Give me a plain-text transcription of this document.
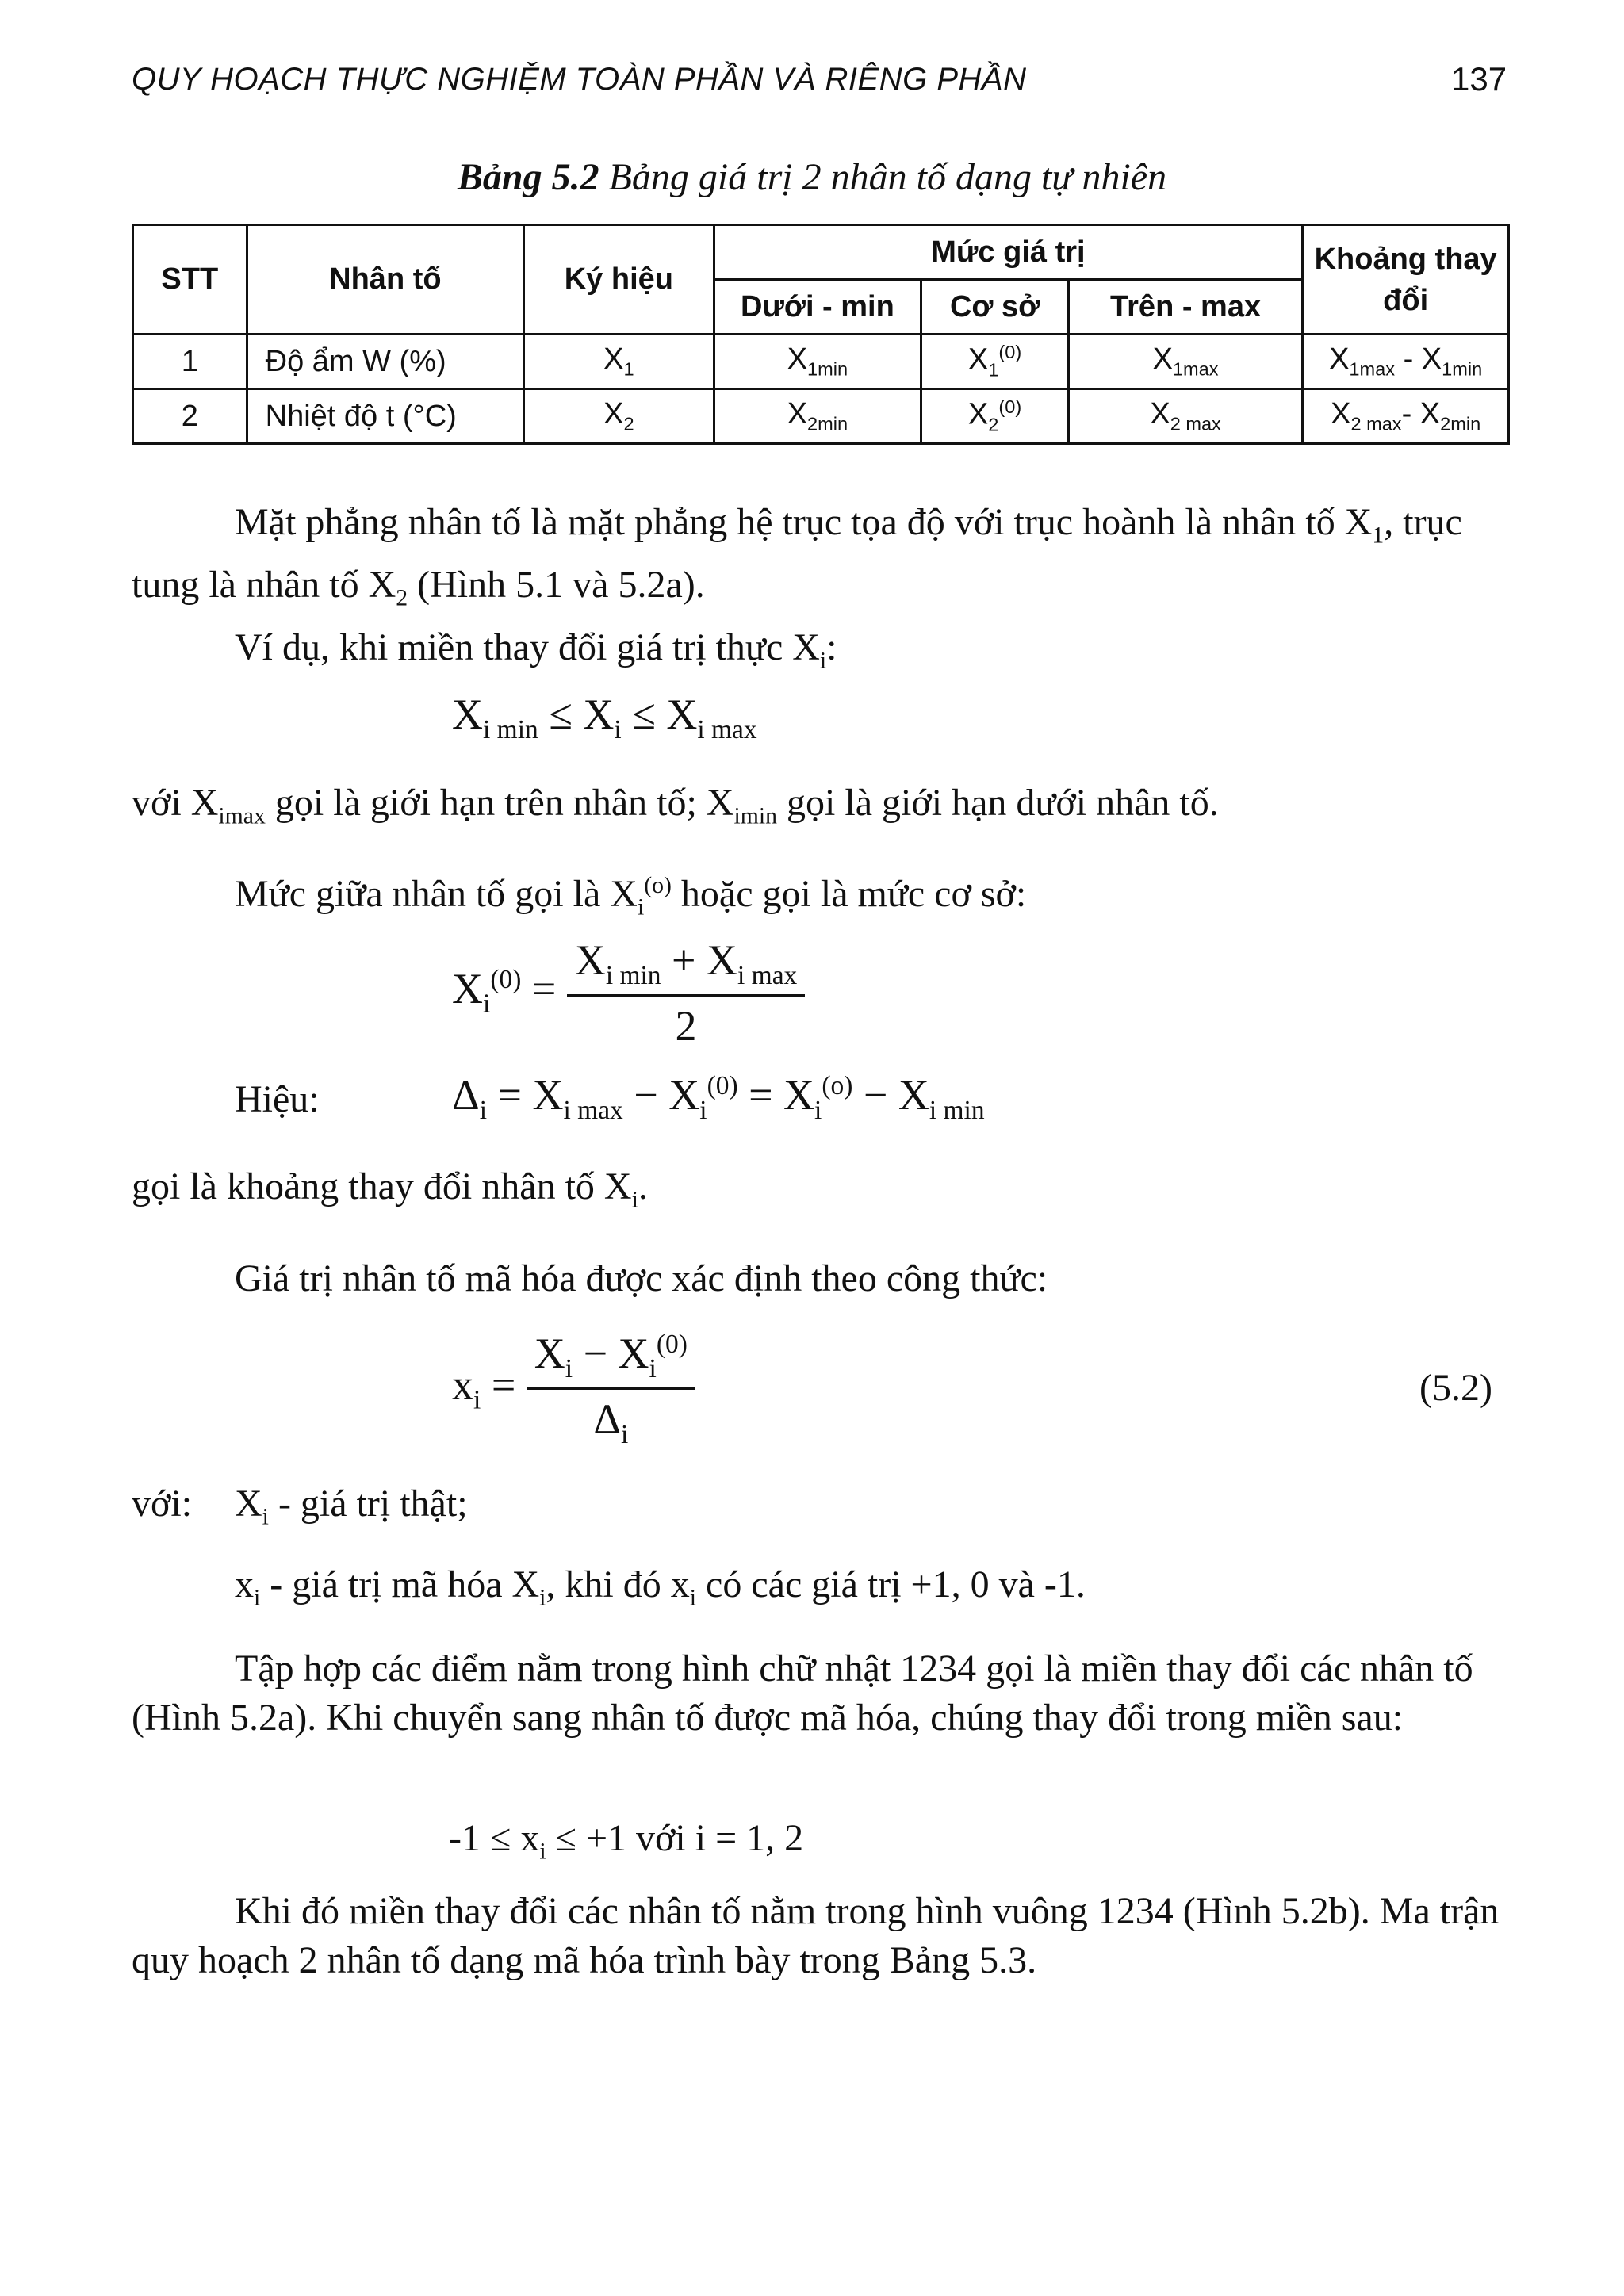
QUY HOẠCH THỰC NGHIỆM TOÀN PHẦN VÀ RIÊNG PHẦN	137
Bảng 5.2 Bảng giá trị 2 nhân tố dạng tự nhiên
STT	Nhân tố	Ký hiệu	Mức giá trị			Khoảng thay đổi
			Dưới - min	Cơ sở	Trên - max	
1	Độ ẩm W (%)	$X_1$	$X_{1min}$	$X_1^{(0)}$	$X_{1max}$	$X_{1max} - X_{1min}$
2	Nhiệt độ t (°C)	$X_2$	$X_{2min}$	$X_2^{(0)}$	$X_{2 max}$	$X_{2 max}-$ $X_{2min}$
Mặt phẳng nhân tố là mặt phẳng hệ trục tọa độ với trục hoành là nhân tố $X_1$, trục tung là nhân tố $X_2$ (Hình 5.1 và 5.2a).
Ví dụ, khi miền thay đổi giá trị thực $X_i$:
$X_{i min} \le X_i \le X_{i max}$
với $X_{imax}$ gọi là giới hạn trên nhân tố; $X_{imin}$ gọi là giới hạn dưới nhân tố.
Mức giữa nhân tố gọi là $X_i^{(o)}$ hoặc gọi là mức cơ sở:
$X_i^{(0)} = \frac{X_{i min} + X_{i max}}{2}$
Hiệu:	$\Delta_i = X_{i max} - X_i^{(0)} = X_i^{(o)} - X_{i min}$
gọi là khoảng thay đổi nhân tố $X_i$.
Giá trị nhân tố mã hóa được xác định theo công thức:
$x_i = \frac{X_i - X_i^{(0)}}{\Delta_i}$	(5.2)
với: $X_i$ - giá trị thật;
$x_i$ - giá trị mã hóa $X_i$, khi đó $x_i$ có các giá trị +1, 0 và -1.
Tập hợp các điểm nằm trong hình chữ nhật 1234 gọi là miền thay đổi các nhân tố (Hình 5.2a). Khi chuyển sang nhân tố được mã hóa, chúng thay đổi trong miền sau:
$-1 \le x_i \le +1$ với i = 1, 2
Khi đó miền thay đổi các nhân tố nằm trong hình vuông 1234 (Hình 5.2b). Ma trận quy hoạch 2 nhân tố dạng mã hóa trình bày trong Bảng 5.3.
